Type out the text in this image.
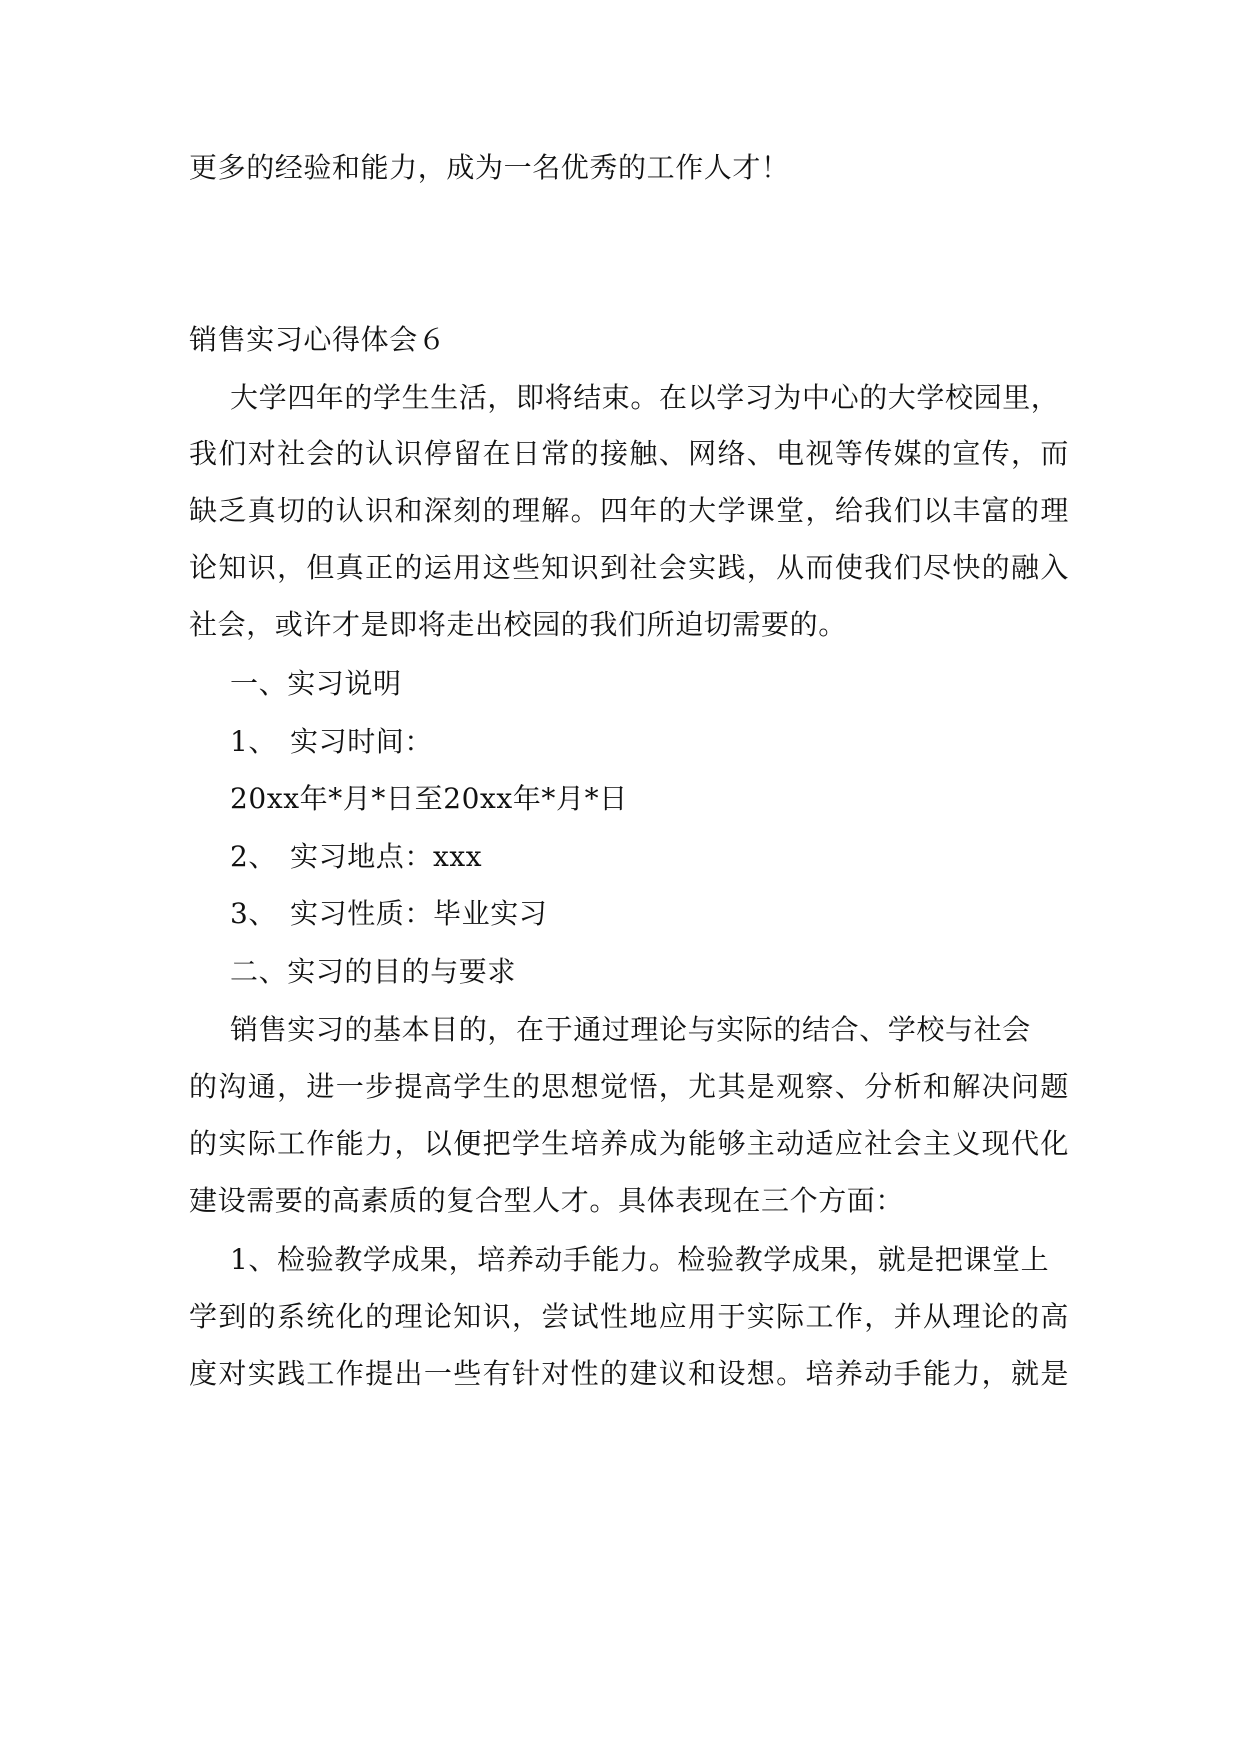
更多的经验和能力，成为一名优秀的工作人才！
销售实习心得体会６
大学四年的学生生活，即将结束。在以学习为中心的大学校园里，
我们对社会的认识停留在日常的接触、网络、电视等传媒的宣传，而
缺乏真切的认识和深刻的理解。四年的大学课堂，给我们以丰富的理
论知识，但真正的运用这些知识到社会实践，从而使我们尽快的融入
社会，或许才是即将走出校园的我们所迫切需要的。
一、实习说明
1、 实习时间：
20xx年*月*日至20xx年*月*日
2、 实习地点：xxx
3、 实习性质：毕业实习
二、实习的目的与要求
销售实习的基本目的，在于通过理论与实际的结合、学校与社会
的沟通，进一步提高学生的思想觉悟，尤其是观察、分析和解决问题
的实际工作能力，以便把学生培养成为能够主动适应社会主义现代化
建设需要的高素质的复合型人才。具体表现在三个方面：
1、检验教学成果，培养动手能力。检验教学成果，就是把课堂上
学到的系统化的理论知识，尝试性地应用于实际工作，并从理论的高
度对实践工作提出一些有针对性的建议和设想。培养动手能力，就是
